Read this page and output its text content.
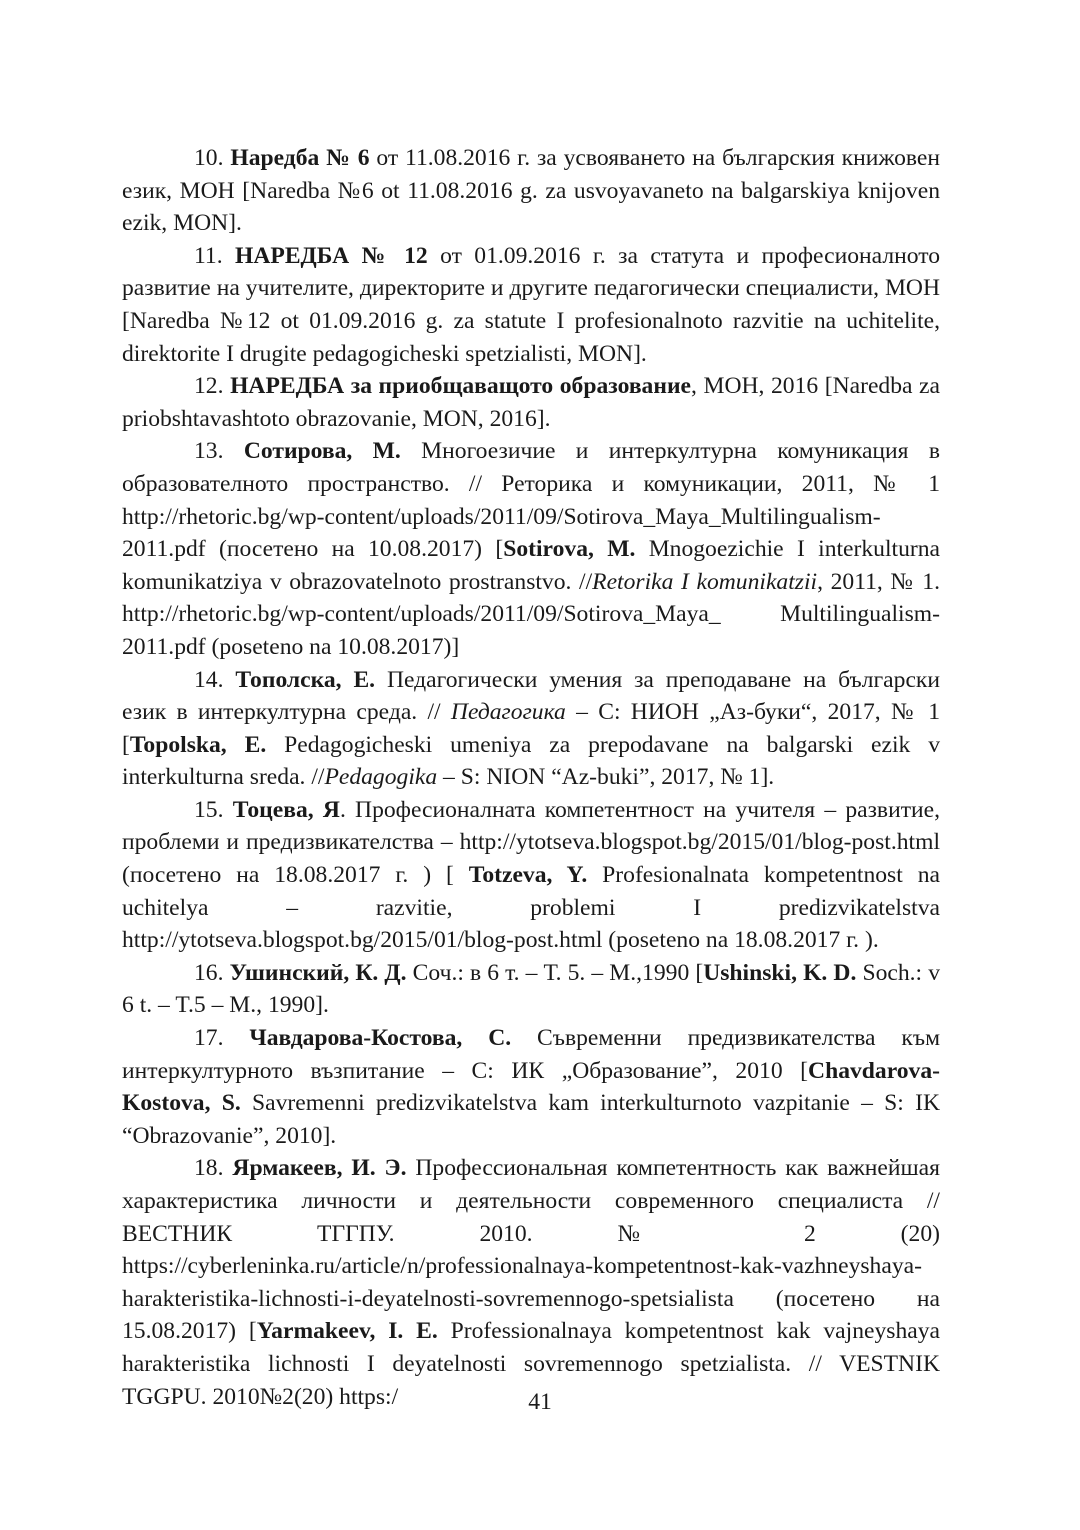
10. Наредба № 6 от 11.08.2016 г. за усвояването на българския книжовен език, МОН [Naredba №6 ot 11.08.2016 g. za usvoyavaneto na balgarskiya knijoven ezik, MON].

11. НАРЕДБА № 12 от 01.09.2016 г. за статута и професионалното развитие на учителите, директорите и другите педагогически специалисти, МОН [Naredba №12 ot 01.09.2016 g. za statute I profesionalnoto razvitie na uchitelite, direktorite I drugite pedagogicheski spetzialisti, MON].

12. НАРЕДБА за приобщаващото образование, МОН, 2016 [Naredba za priobshtavashtoto obrazovanie, MON, 2016].

13. Сотирова, М. Многоезичие и интеркултурна комуникация в образователното пространство. // Реторика и комуникации, 2011, № 1 http://rhetoric.bg/wp-content/uploads/2011/09/Sotirova_Maya_Multilingualism-2011.pdf (посетено на 10.08.2017) [Sotirova, M. Mnogoezichie I interkulturna komunikatziya v obrazovatelnoto prostranstvo. //Retorika I komunikatzii, 2011, № 1. http://rhetoric.bg/wp-content/uploads/2011/09/Sotirova_Maya_ Multilingualism-2011.pdf (poseteno na 10.08.2017)]

14. Тополска, Е. Педагогически умения за преподаване на български език в интеркултурна среда. // Педагогика – С: НИОН „Аз-буки“, 2017, № 1 [Topolska, E. Pedagogicheski umeniya za prepodavane na balgarski ezik v interkulturna sreda. //Pedagogika – S: NION “Az-buki”, 2017, № 1].

15. Тоцева, Я. Професионалната компетентност на учителя – развитие, проблеми и предизвикателства – http://ytotseva.blogspot.bg/2015/01/blog-post.html (посетено на 18.08.2017 г. ) [ Totzeva, Y. Profesionalnata kompetentnost na uchitelya – razvitie, problemi I predizvikatelstva http://ytotseva.blogspot.bg/2015/01/blog-post.html (poseteno na 18.08.2017 г. ).

16. Ушинский, К. Д. Соч.: в 6 т. – Т. 5. – М.,1990 [Ushinski, K. D. Soch.: v 6 t. – T.5 – M., 1990].

17. Чавдарова-Костова, С. Съвременни предизвикателства към интеркултурното възпитание – С: ИК „Образование”, 2010 [Chavdarova-Kostova, S. Savremenni predizvikatelstva kam interkulturnoto vazpitanie – S: IK “Obrazovanie”, 2010].

18. Ярмакеев, И. Э. Профессиональная компетентность как важнейшая характеристика личности и деятельности современного специалиста // ВЕСТНИК ТГГПУ. 2010. № 2 (20) https://cyberleninka.ru/article/n/professionalnaya-kompetentnost-kak-vazhneyshaya-harakteristika-lichnosti-i-deyatelnosti-sovremennogo-spetsialista (посетено на 15.08.2017) [Yarmakeev, I. E. Professionalnaya kompetentnost kak vajneyshaya harakteristika lichnosti I deyatelnosti sovremennogo spetzialista. // VESTNIK TGGPU. 2010№2(20) https:/	41
